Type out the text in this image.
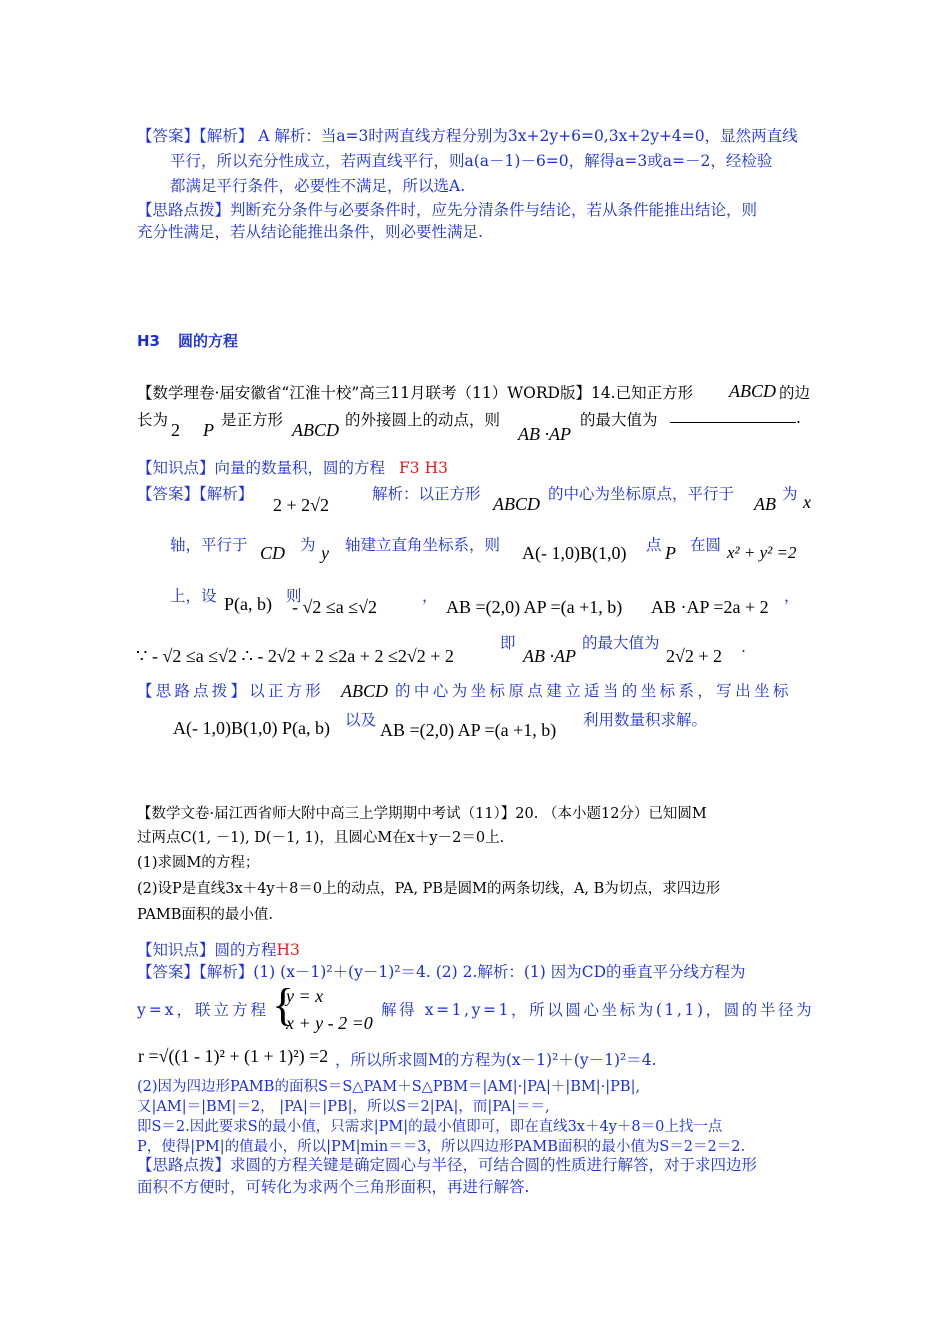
【答案】【解析】 A 解析：当a=3时两直线方程分别为3x+2y+6=0,3x+2y+4=0，显然两直线
平行，所以充分性成立，若两直线平行，则a(a－1)－6=0，解得a=3或a=－2，经检验
都满足平行条件，必要性不满足，所以选A.
【思路点拨】判断充分条件与必要条件时，应先分清条件与结论，若从条件能推出结论，则
充分性满足，若从结论能推出条件，则必要性满足.
H3 圆的方程
【数学理卷·届安徽省“江淮十校”高三11月联考（11）WORD版】14.已知正方形 ABCD 的边
长为 2 P 是正方形 ABCD 的外接圆上的动点，则
AB ·AP
的最大值为	.
【知识点】向量的数量积，圆的方程 F3 H3
【答案】【解析】
2 + 2√2
解析：以正方形 ABCD 的中心为坐标原点，平行于 AB 为 x
轴，平行于 CD 为 y 轴建立直角坐标系，则 A(- 1,0)B(1,0) 点 P 在圆 x² + y² =2
上，设 P(a, b) 则
- √2 ≤a ≤√2
，
AB =(2,0) AP =(a +1, b) AB ·AP =2a + 2
，
∵ - √2 ≤a ≤√2 ∴ - 2√2 + 2 ≤2a + 2 ≤2√2 + 2
即
AB ·AP
的最大值为
2√2 + 2 .
【思路点拨】以正方形 ABCD 的中心为坐标原点建立适当的坐标系，写出坐标
A(- 1,0)B(1,0) P(a, b) 以及 AB =(2,0) AP =(a +1, b) 利用数量积求解。
【数学文卷·届江西省师大附中高三上学期期中考试（11）】20. （本小题12分）已知圆M
过两点C(1, －1), D(－1, 1)，且圆心M在x＋y－2＝0上.
(1)求圆M的方程；
(2)设P是直线3x＋4y＋8＝0上的动点，PA, PB是圆M的两条切线，A, B为切点，求四边形
PAMB面积的最小值.
【知识点】圆的方程H3
【答案】【解析】(1) (x－1)²＋(y－1)²＝4. (2) 2.解析：(1) 因为CD的垂直平分线方程为
y=x，联立方程 {
y = x
x + y - 2 =0
解得 x=1,y=1，所以圆心坐标为(1,1)，圆的半径为
r =√((1 - 1)² + (1 + 1)²) =2 ，所以所求圆M的方程为(x－1)²＋(y－1)²＝4.
(2)因为四边形PAMB的面积S＝S△PAM＋S△PBM＝|AM|·|PA|＋|BM|·|PB|,
又|AM|＝|BM|＝2， |PA|＝|PB|，所以S＝2|PA|，而|PA|＝＝,
即S＝2.因此要求S的最小值，只需求|PM|的最小值即可，即在直线3x＋4y＋8＝0上找一点
P，使得|PM|的值最小，所以|PM|min＝＝3，所以四边形PAMB面积的最小值为S＝2＝2＝2.
【思路点拨】求圆的方程关键是确定圆心与半径，可结合圆的性质进行解答，对于求四边形
面积不方便时，可转化为求两个三角形面积，再进行解答.
